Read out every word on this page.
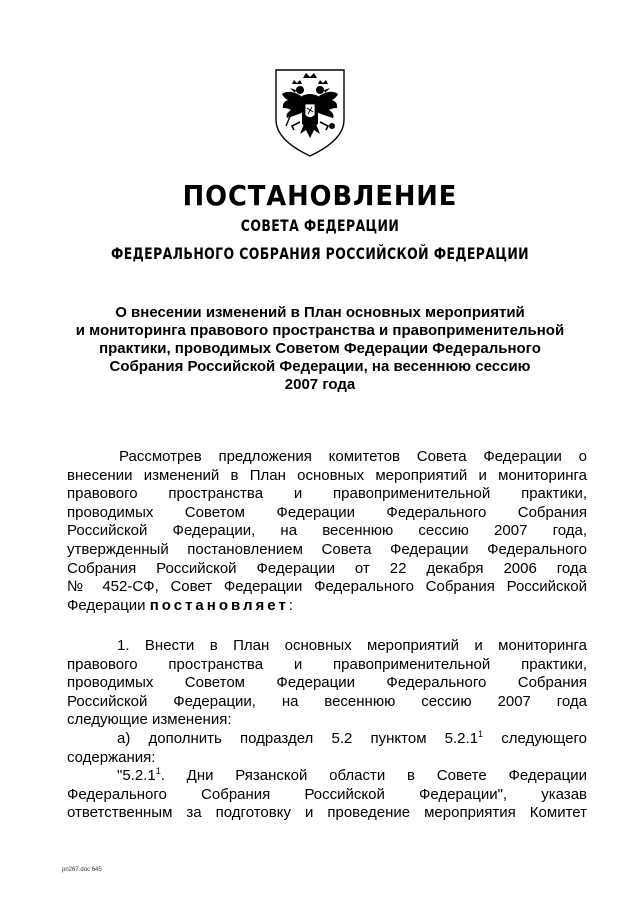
ПОСТАНОВЛЕНИЕ
СОВЕТА ФЕДЕРАЦИИ
ФЕДЕРАЛЬНОГО СОБРАНИЯ РОССИЙСКОЙ ФЕДЕРАЦИИ
О внесении изменений в План основных мероприятий
и мониторинга правового пространства и правоприменительной
практики, проводимых Советом Федерации Федерального
Собрания Российской Федерации, на весеннюю сессию
2007 года
Рассмотрев предложения комитетов Совета Федерации о
внесении изменений в План основных мероприятий и мониторинга
правового пространства и правоприменительной практики,
проводимых Советом Федерации Федерального Собрания
Российской Федерации, на весеннюю сессию 2007 года,
утвержденный постановлением Совета Федерации Федерального
Собрания Российской Федерации от 22 декабря 2006 года
№ 452-СФ, Совет Федерации Федерального Собрания Российской
Федерации постановляет:
1. Внести в План основных мероприятий и мониторинга
правового пространства и правоприменительной практики,
проводимых Советом Федерации Федерального Собрания
Российской Федерации, на весеннюю сессию 2007 года
следующие изменения:
а) дополнить подраздел 5.2 пунктом 5.2.1$^1$ следующего
содержания:
"5.2.1$^1$. Дни Рязанской области в Совете Федерации
Федерального Собрания Российской Федерации", указав
ответственным за подготовку и проведение мероприятия Комитет
pn267.doc 645
